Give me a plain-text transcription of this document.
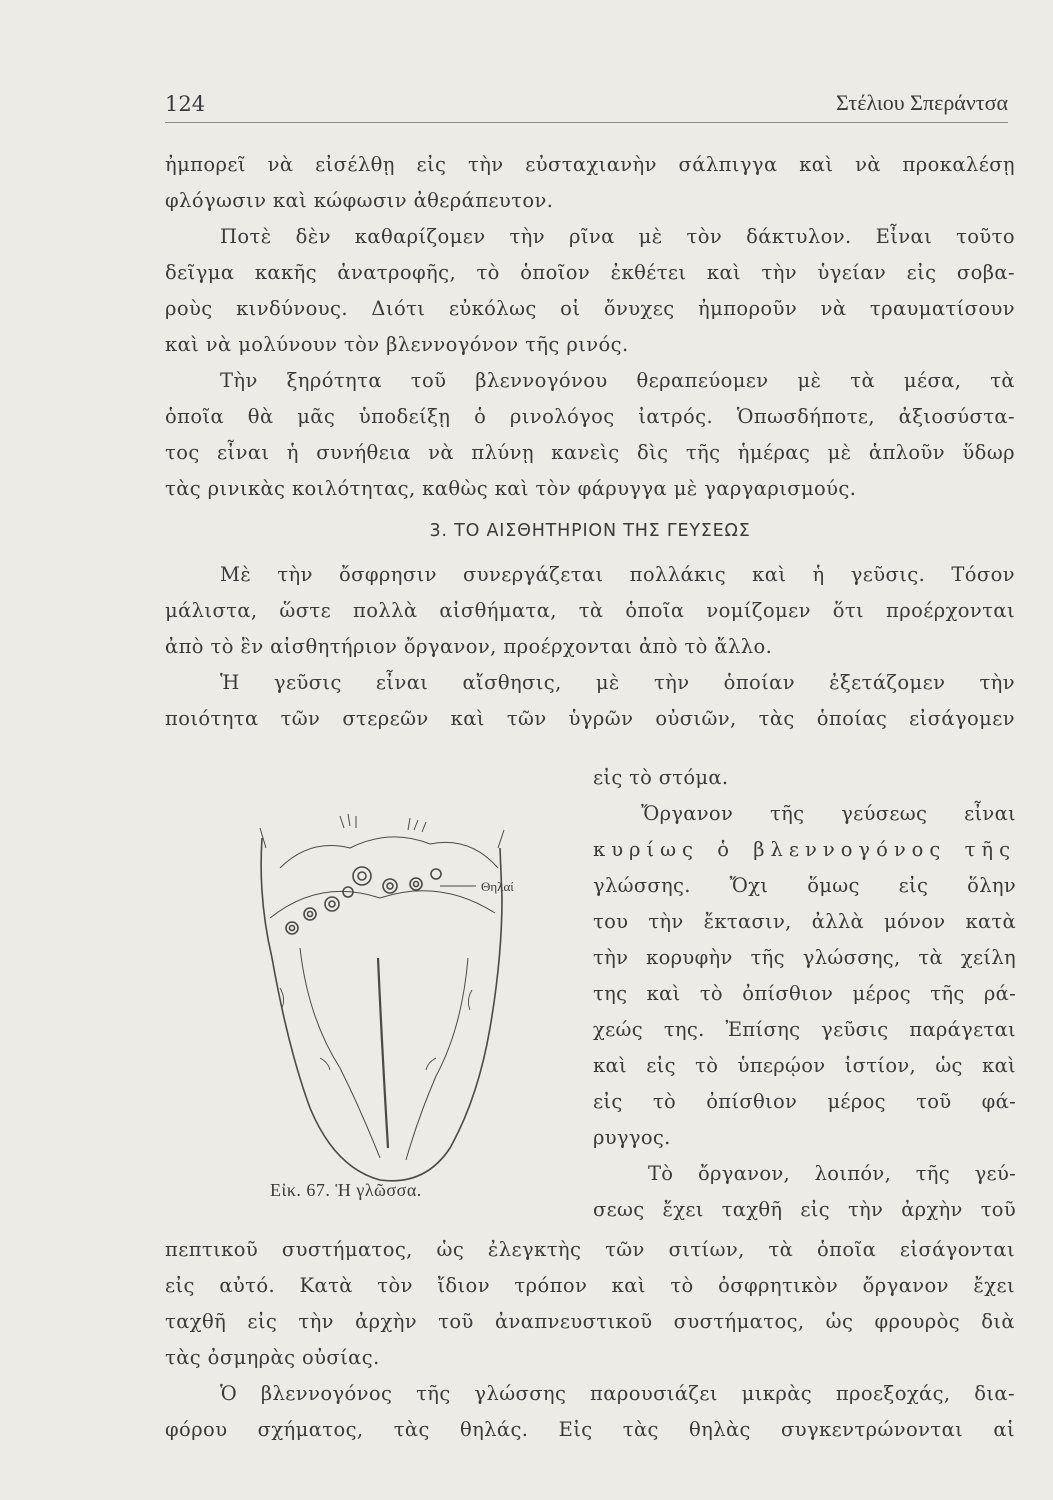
124	Στέλιου Σπεράντσα
ἠμπορεῖ νὰ εἰσέλθῃ εἰς τὴν εὐσταχιανὴν σάλπιγγα καὶ νὰ προκαλέσῃ
φλόγωσιν καὶ κώφωσιν ἀθεράπευτον.
Ποτὲ δὲν καθαρίζομεν τὴν ρῖνα μὲ τὸν δάκτυλον. Εἶναι τοῦτο
δεῖγμα κακῆς ἀνατροφῆς, τὸ ὁποῖον ἐκθέτει καὶ τὴν ὑγείαν εἰς σοβα-
ροὺς κινδύνους. Διότι εὐκόλως οἱ ὄνυχες ἠμποροῦν νὰ τραυματίσουν
καὶ νὰ μολύνουν τὸν βλεννογόνον τῆς ρινός.
Τὴν ξηρότητα τοῦ βλεννογόνου θεραπεύομεν μὲ τὰ μέσα, τὰ
ὁποῖα θὰ μᾶς ὑποδείξῃ ὁ ρινολόγος ἰατρός. Ὁπωσδήποτε, ἀξιοσύστα-
τος εἶναι ἡ συνήθεια νὰ πλύνῃ κανεὶς δὶς τῆς ἡμέρας μὲ ἁπλοῦν ὕδωρ
τὰς ρινικὰς κοιλότητας, καθὼς καὶ τὸν φάρυγγα μὲ γαργαρισμούς.
3. ΤΟ ΑΙΣΘΗΤΗΡΙΟΝ ΤΗΣ ΓΕΥΣΕΩΣ
Μὲ τὴν ὄσφρησιν συνεργάζεται πολλάκις καὶ ἡ γεῦσις. Τόσον
μάλιστα, ὥστε πολλὰ αἰσθήματα, τὰ ὁποῖα νομίζομεν ὅτι προέρχονται
ἀπὸ τὸ ἓν αἰσθητήριον ὄργανον, προέρχονται ἀπὸ τὸ ἄλλο.
Ἡ γεῦσις εἶναι αἴσθησις, μὲ τὴν ὁποίαν ἐξετάζομεν τὴν
ποιότητα τῶν στερεῶν καὶ τῶν ὑγρῶν οὐσιῶν, τὰς ὁποίας εἰσάγομεν
εἰς τὸ στόμα.
Ὄργανον τῆς γεύσεως εἶναι
κυρίως ὁ βλεννογόνος τῆς
γλώσσης. Ὄχι ὅμως εἰς ὅλην
του τὴν ἔκτασιν, ἀλλὰ μόνον κατὰ
τὴν κορυφὴν τῆς γλώσσης, τὰ χείλη
της καὶ τὸ ὀπίσθιον μέρος τῆς ρά-
χεώς της. Ἐπίσης γεῦσις παράγεται
καὶ εἰς τὸ ὑπερῴον ἱστίον, ὡς καὶ
εἰς τὸ ὀπίσθιον μέρος τοῦ φά-
ρυγγος.
Τὸ ὄργανον, λοιπόν, τῆς γεύ-
σεως ἔχει ταχθῆ εἰς τὴν ἀρχὴν τοῦ
Θηλαί
Εἰκ. 67. Ἡ γλῶσσα.
πεπτικοῦ συστήματος, ὡς ἐλεγκτὴς τῶν σιτίων, τὰ ὁποῖα εἰσάγονται
εἰς αὐτό. Κατὰ τὸν ἴδιον τρόπον καὶ τὸ ὀσφρητικὸν ὄργανον ἔχει
ταχθῆ εἰς τὴν ἀρχὴν τοῦ ἀναπνευστικοῦ συστήματος, ὡς φρουρὸς διὰ
τὰς ὀσμηρὰς οὐσίας.
Ὁ βλεννογόνος τῆς γλώσσης παρουσιάζει μικρὰς προεξοχάς, δια-
φόρου σχήματος, τὰς θηλάς. Εἰς τὰς θηλὰς συγκεντρώνονται αἱ
